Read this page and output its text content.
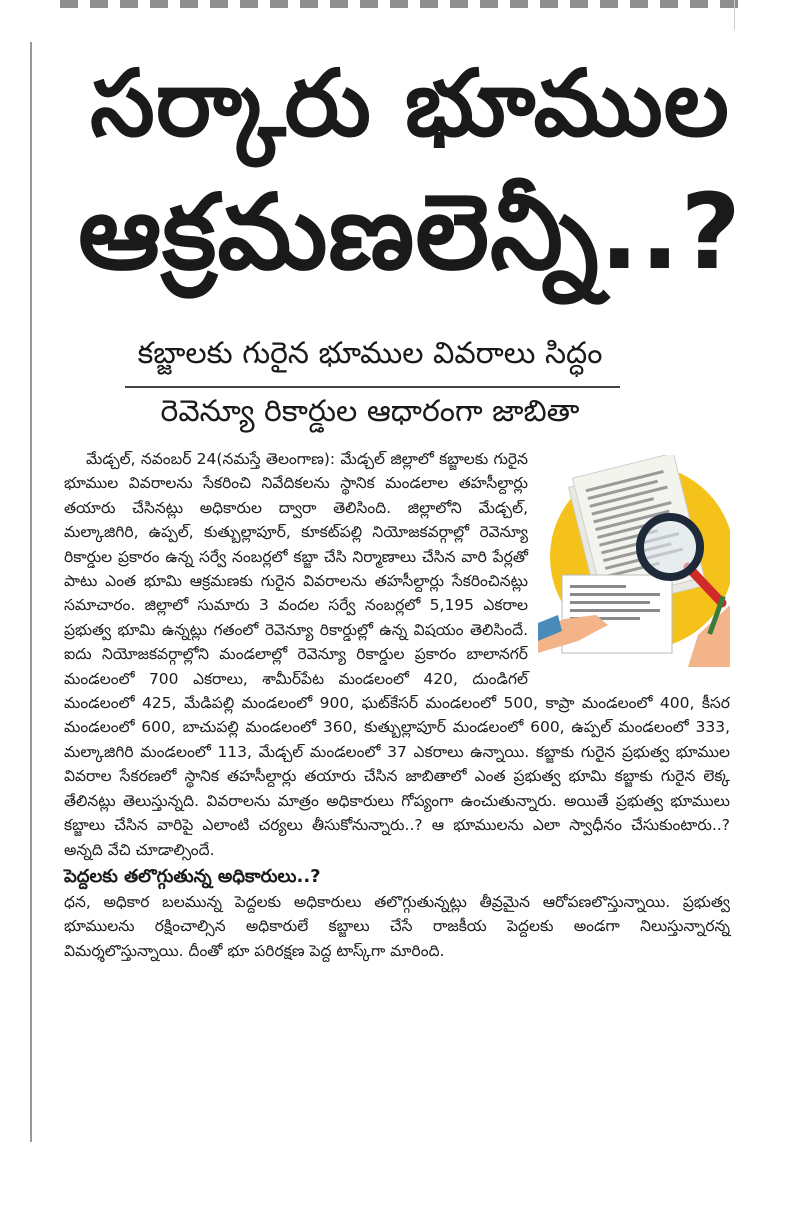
సర్కారు భూముల
ఆక్రమణలెన్నీ..?
కబ్జాలకు గురైన భూముల వివరాలు సిద్ధం
రెవెన్యూ రికార్డుల ఆధారంగా జాబితా

మేడ్చల్, నవంబర్ 24(నమస్తే తెలంగాణ): మేడ్చల్ జిల్లాలో కబ్జాలకు గురైన భూముల వివరాలను సేకరించి నివేదికలను స్థానిక మండలాల తహసీల్దార్లు తయారు చేసినట్లు అధికారుల ద్వారా తెలిసింది. జిల్లాలోని మేడ్చల్, మల్కాజిగిరి, ఉప్పల్, కుత్బుల్లాపూర్, కూకట్‌పల్లి నియోజకవర్గాల్లో రెవెన్యూ రికార్డుల ప్రకారం ఉన్న సర్వే నంబర్లలో కబ్జా చేసి నిర్మాణాలు చేసిన వారి పేర్లతో పాటు ఎంత భూమి ఆక్రమణకు గురైన వివరాలను తహసీల్దార్లు సేకరించినట్లు సమాచారం. జిల్లాలో సుమారు 3 వందల సర్వే నంబర్లలో 5,195 ఎకరాల ప్రభుత్వ భూమి ఉన్నట్లు గతంలో రెవెన్యూ రికార్డుల్లో ఉన్న విషయం తెలిసిందే. ఐదు నియోజకవర్గాల్లోని మండలాల్లో రెవెన్యూ రికార్డుల ప్రకారం బాలానగర్ మండలంలో 700 ఎకరాలు, శామీర్‌పేట మండలంలో 420, దుండిగల్ మండలంలో 425, మేడిపల్లి మండలంలో 900, ఘట్‌కేసర్ మండలంలో 500, కాప్రా మండలంలో 400, కీసర మండలంలో 600, బాచుపల్లి మండలంలో 360, కుత్బుల్లాపూర్ మండలంలో 600, ఉప్పల్ మండలంలో 333, మల్కాజిగిరి మండలంలో 113, మేడ్చల్ మండలంలో 37 ఎకరాలు ఉన్నాయి. కబ్జాకు గురైన ప్రభుత్వ భూముల వివరాల సేకరణలో స్థానిక తహసీల్దార్లు తయారు చేసిన జాబితాలో ఎంత ప్రభుత్వ భూమి కబ్జాకు గురైన లెక్క తేలినట్లు తెలుస్తున్నది. వివరాలను మాత్రం అధికారులు గోప్యంగా ఉంచుతున్నారు. అయితే ప్రభుత్వ భూములు కబ్జాలు చేసిన వారిపై ఎలాంటి చర్యలు తీసుకోనున్నారు..? ఆ భూములను ఎలా స్వాధీనం చేసుకుంటారు..? అన్నది వేచి చూడాల్సిందే.

పెద్దలకు తలొగ్గుతున్న అధికారులు..?

ధన, అధికార బలమున్న పెద్దలకు అధికారులు తలొగ్గుతున్నట్లు తీవ్రమైన ఆరోపణలొస్తున్నాయి. ప్రభుత్వ భూములను రక్షించాల్సిన అధికారులే కబ్జాలు చేసే రాజకీయ పెద్దలకు అండగా నిలుస్తున్నారన్న విమర్శలొస్తున్నాయి. దీంతో భూ పరిరక్షణ పెద్ద టాస్క్‌గా మారింది.
